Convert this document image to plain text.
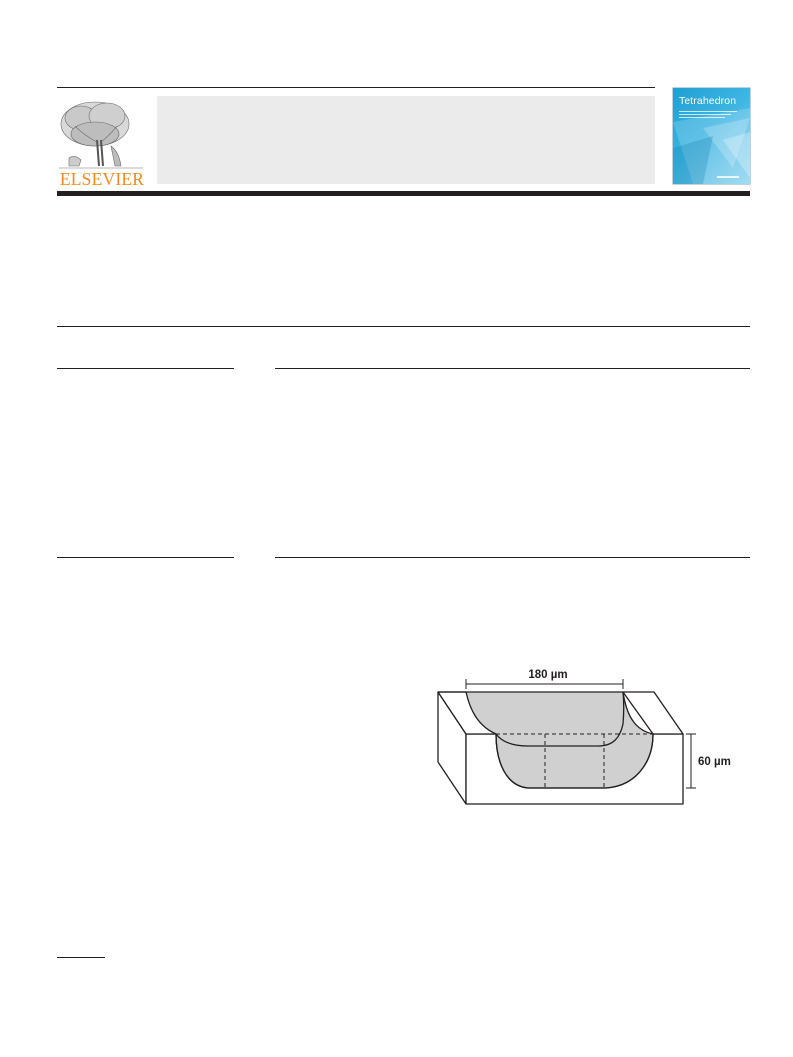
ELSEVIER
Tetrahedron
180 µm
60 µm
